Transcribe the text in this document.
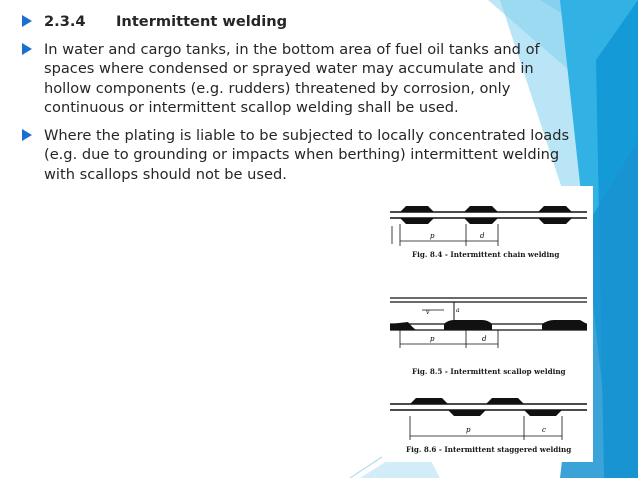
2.3.4 Intermittent welding
In water and cargo tanks, in the bottom area of fuel oil tanks and of spaces where condensed or sprayed water may accumulate and in hollow components (e.g. rudders) threatened by corrosion, only continuous or intermittent scallop welding shall be used.
Where the plating is liable to be subjected to locally concentrated loads (e.g. due to grounding or impacts when berthing) intermittent welding with scallops should not be used.
p	d
v	a
p	d
p	c
Fig. 8.4 - Intermittent chain welding
Fig. 8.5 - Intermittent scallop welding
Fig. 8.6 - Intermittent staggered welding
